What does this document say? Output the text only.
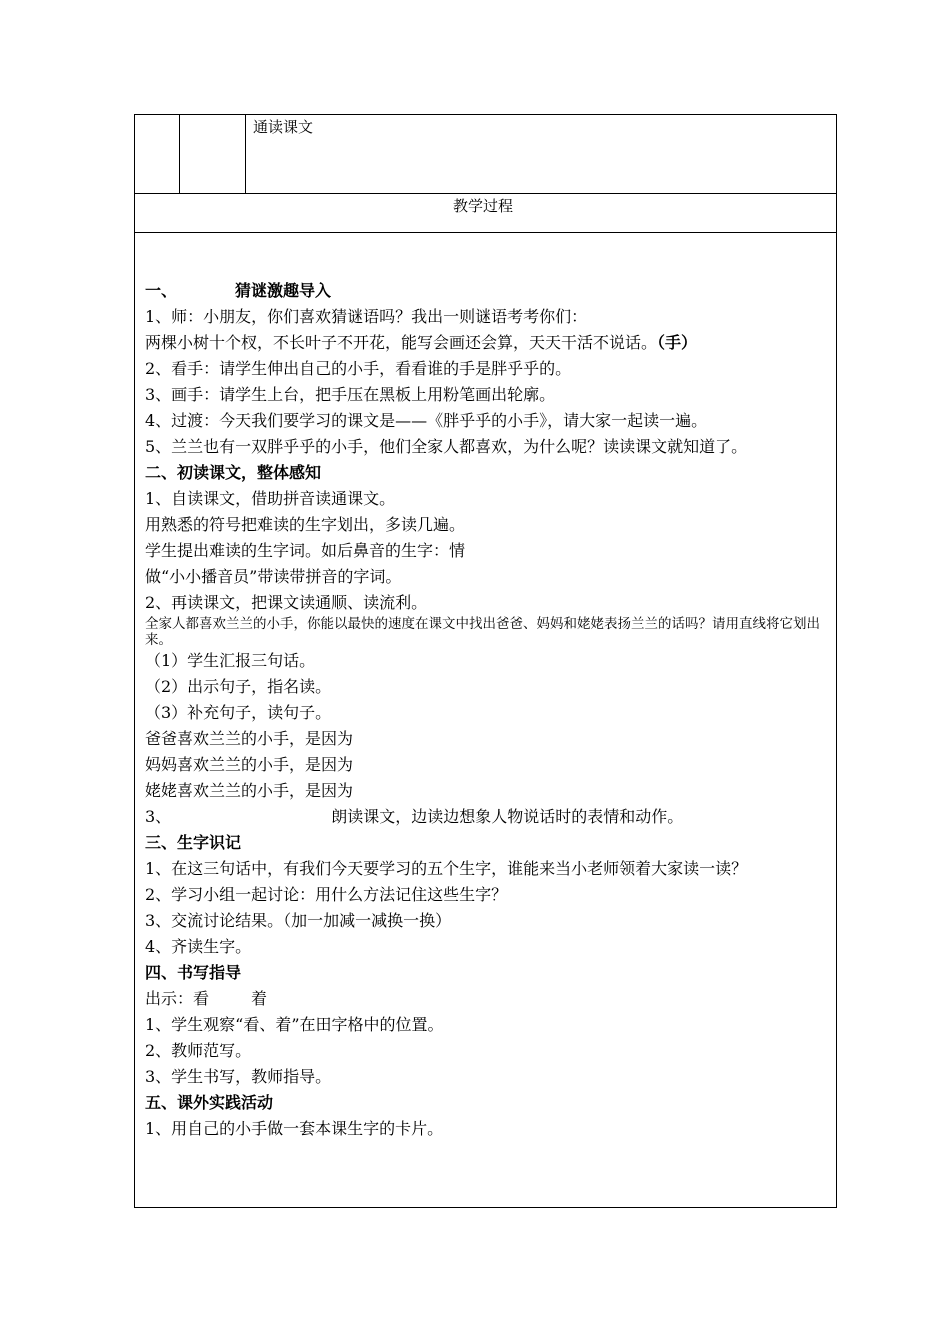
通读课文
教学过程
一、	猜谜激趣导入
1、师：小朋友，你们喜欢猜谜语吗？我出一则谜语考考你们：
两棵小树十个杈，不长叶子不开花，能写会画还会算，天天干活不说话。（手）
2、看手：请学生伸出自己的小手，看看谁的手是胖乎乎的。
3、画手：请学生上台，把手压在黑板上用粉笔画出轮廓。
4、过渡：今天我们要学习的课文是——《胖乎乎的小手》，请大家一起读一遍。
5、兰兰也有一双胖乎乎的小手，他们全家人都喜欢，为什么呢？读读课文就知道了。
二、初读课文，整体感知
1、自读课文，借助拼音读通课文。
用熟悉的符号把难读的生字划出，多读几遍。
学生提出难读的生字词。如后鼻音的生字：情
做“小小播音员”带读带拼音的字词。
2、再读课文，把课文读通顺、读流利。
全家人都喜欢兰兰的小手，你能以最快的速度在课文中找出爸爸、妈妈和姥姥表扬兰兰的话吗？请用直线将它划出来。
（1）学生汇报三句话。
（2）出示句子，指名读。
（3）补充句子，读句子。
爸爸喜欢兰兰的小手，是因为
妈妈喜欢兰兰的小手，是因为
姥姥喜欢兰兰的小手，是因为
3、	朗读课文，边读边想象人物说话时的表情和动作。
三、生字识记
1、在这三句话中，有我们今天要学习的五个生字，谁能来当小老师领着大家读一读？
2、学习小组一起讨论：用什么方法记住这些生字？
3、交流讨论结果。（加一加减一减换一换）
4、齐读生字。
四、书写指导
出示：看	着
1、学生观察“看、着”在田字格中的位置。
2、教师范写。
3、学生书写，教师指导。
五、课外实践活动
1、用自己的小手做一套本课生字的卡片。
